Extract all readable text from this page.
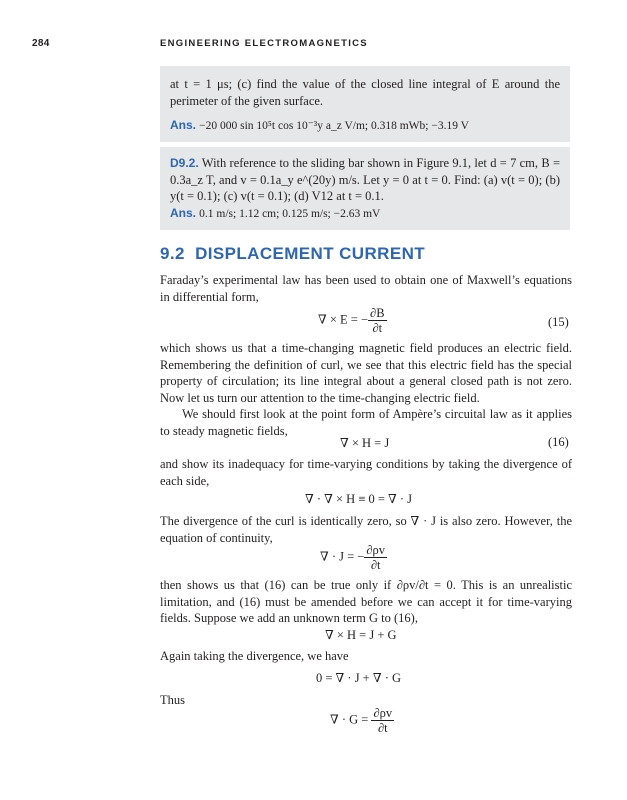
284	ENGINEERING ELECTROMAGNETICS
at t = 1 μs; (c) find the value of the closed line integral of E around the perimeter of the given surface.
Ans. −20 000 sin 10⁵t cos 10⁻³y a_z V/m; 0.318 mWb; −3.19 V
D9.2. With reference to the sliding bar shown in Figure 9.1, let d = 7 cm, B = 0.3a_z T, and v = 0.1a_y e^(20y) m/s. Let y = 0 at t = 0. Find: (a) v(t = 0); (b) y(t = 0.1); (c) v(t = 0.1); (d) V12 at t = 0.1.
Ans. 0.1 m/s; 1.12 cm; 0.125 m/s; −2.63 mV
9.2 DISPLACEMENT CURRENT
Faraday’s experimental law has been used to obtain one of Maxwell’s equations in differential form,
∇ × E = − $\frac{\partial B}{\partial t}$	(15)
which shows us that a time-changing magnetic field produces an electric field. Remembering the definition of curl, we see that this electric field has the special property of circulation; its line integral about a general closed path is not zero. Now let us turn our attention to the time-changing electric field.
We should first look at the point form of Ampère’s circuital law as it applies to steady magnetic fields,
∇ × H = J	(16)
and show its inadequacy for time-varying conditions by taking the divergence of each side,
∇ · ∇ × H ≡ 0 = ∇ · J
The divergence of the curl is identically zero, so ∇ · J is also zero. However, the equation of continuity,
∇ · J = − $\frac{\partial\rho v}{\partial t}$
then shows us that (16) can be true only if ∂ρv/∂t = 0. This is an unrealistic limitation, and (16) must be amended before we can accept it for time-varying fields. Suppose we add an unknown term G to (16),
∇ × H = J + G
Again taking the divergence, we have
0 = ∇ · J + ∇ · G
Thus
∇ · $G = \frac{\partial\rho v}{\partial t}$
